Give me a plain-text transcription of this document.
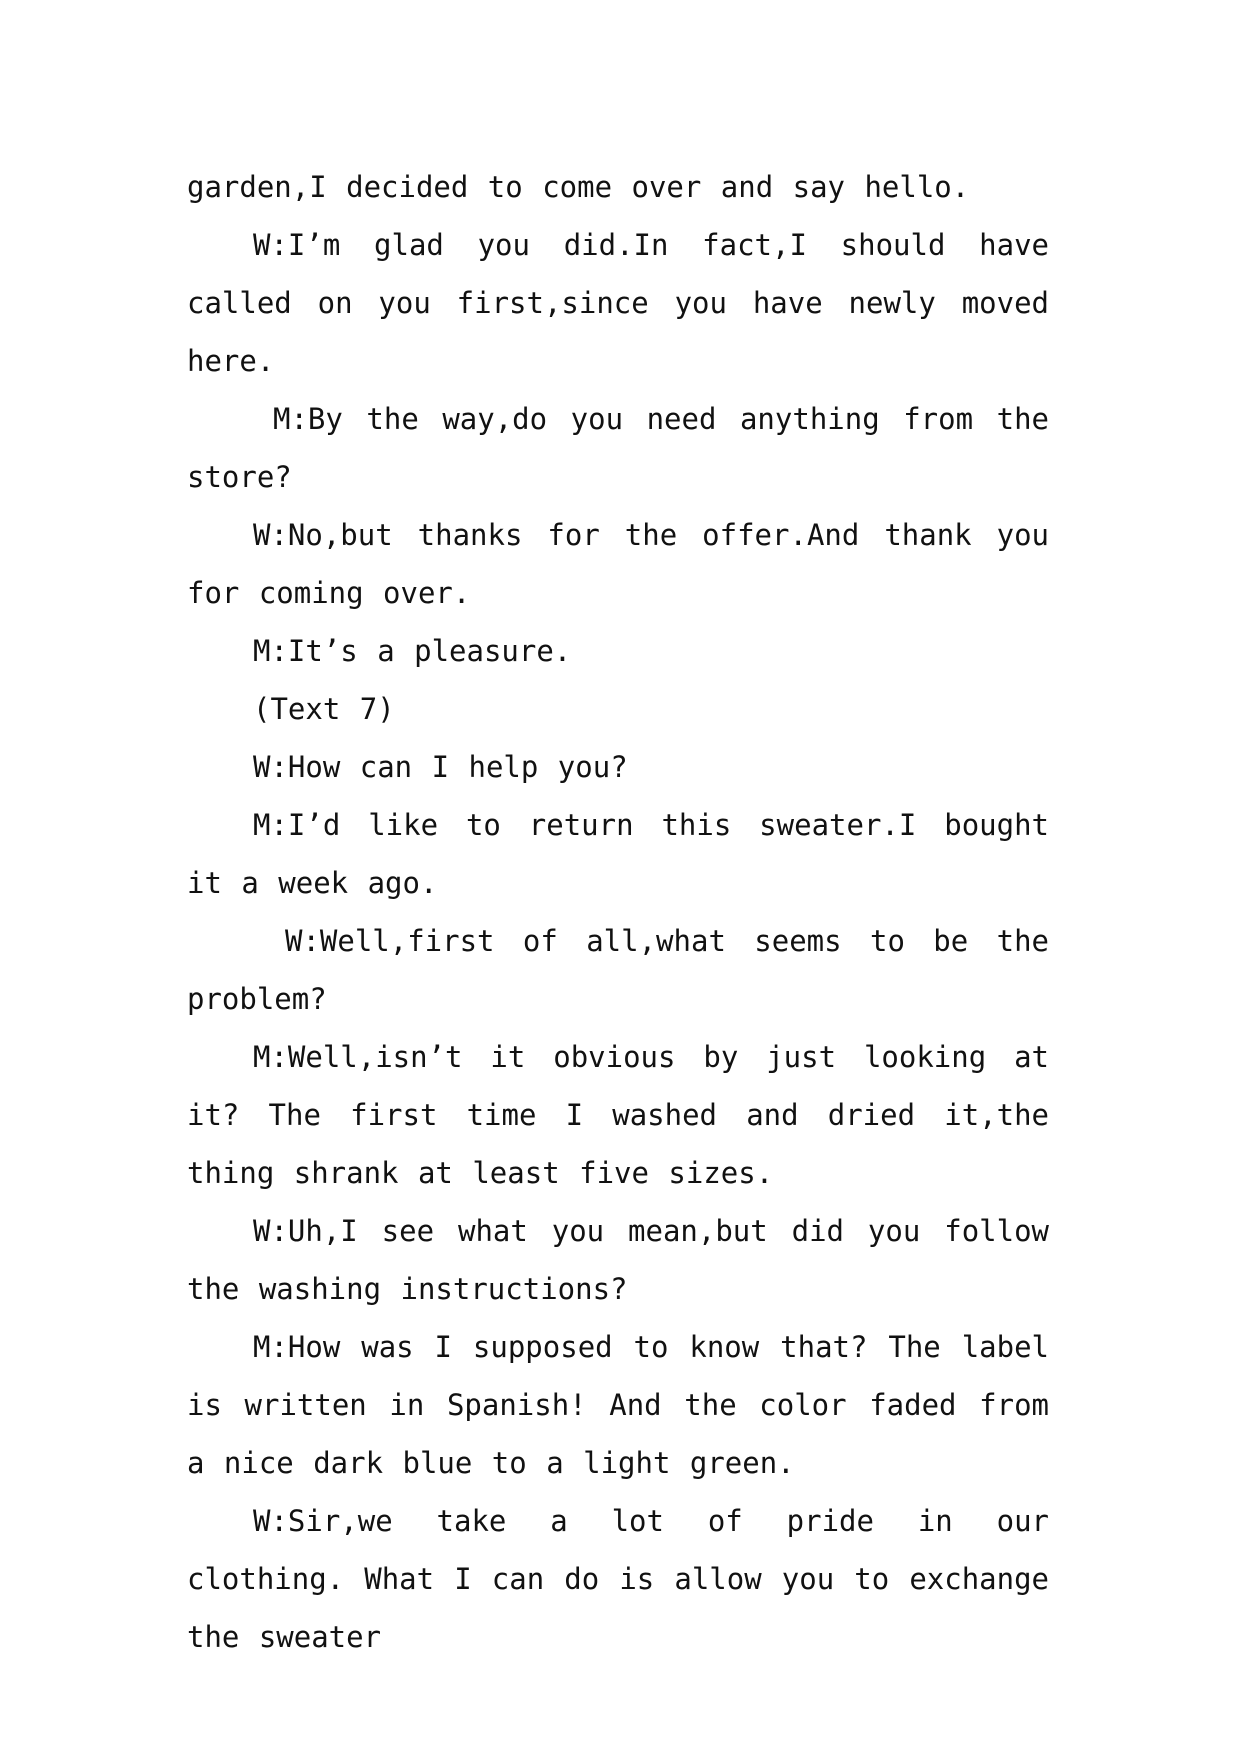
garden,I decided to come over and say hello.

W:I’m glad you did.In fact,I should have called on you first,since you have newly moved here.

M:By the way,do you need anything from the store?

W:No,but thanks for the offer.And thank you for coming over.

M:It’s a pleasure.

(Text 7)

W:How can I help you?

M:I’d like to return this sweater.I bought it a week ago.

W:Well,first of all,what seems to be the problem?

M:Well,isn’t it obvious by just looking at it? The first time I washed and dried it,the thing shrank at least five sizes.

W:Uh,I see what you mean,but did you follow the washing instructions?

M:How was I supposed to know that? The label is written in Spanish! And the color faded from a nice dark blue to a light green.

W:Sir,we take a lot of pride in our clothing. What I can do is allow you to exchange the sweater
